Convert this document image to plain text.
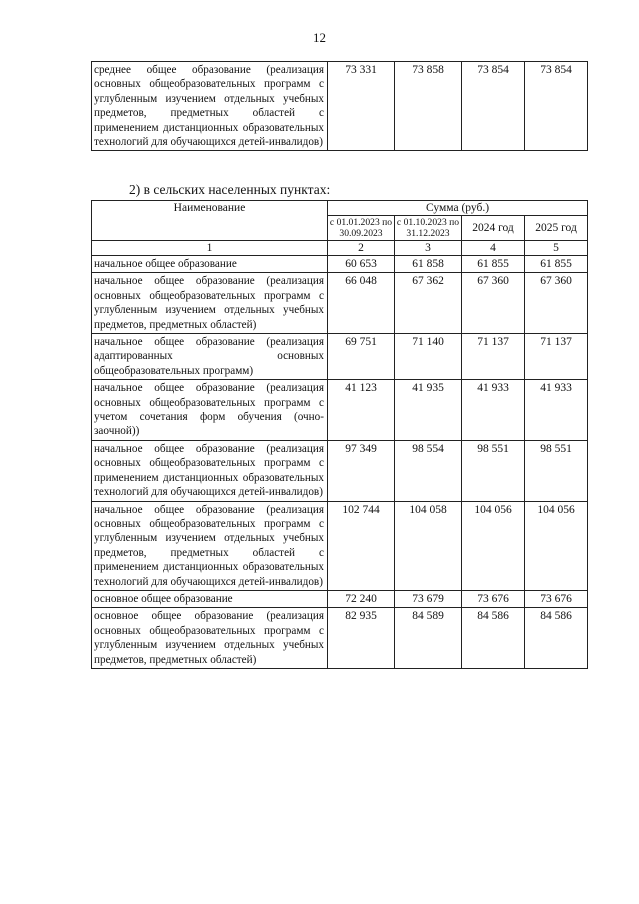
12
среднее общее образование (реализация основных общеобразовательных программ с углубленным изучением отдельных учебных предметов, предметных областей с применением дистанционных образовательных технологий для обучающихся детей-инвалидов)	73 331	73 858	73 854	73 854
2) в сельских населенных пунктах:
Наименование	Сумма (руб.)			
	с 01.01.2023 по 30.09.2023	с 01.10.2023 по 31.12.2023	2024 год	2025 год
1	2	3	4	5
начальное общее образование	60 653	61 858	61 855	61 855
начальное общее образование (реализация основных общеобразовательных программ с углубленным изучением отдельных учебных предметов, предметных областей)	66 048	67 362	67 360	67 360
начальное общее образование (реализация адаптированных основных общеобразовательных программ)	69 751	71 140	71 137	71 137
начальное общее образование (реализация основных общеобразовательных программ с учетом сочетания форм обучения (очно-заочной))	41 123	41 935	41 933	41 933
начальное общее образование (реализация основных общеобразовательных программ с применением дистанционных образовательных технологий для обучающихся детей-инвалидов)	97 349	98 554	98 551	98 551
начальное общее образование (реализация основных общеобразовательных программ с углубленным изучением отдельных учебных предметов, предметных областей с применением дистанционных образовательных технологий для обучающихся детей-инвалидов)	102 744	104 058	104 056	104 056
основное общее образование	72 240	73 679	73 676	73 676
основное общее образование (реализация основных общеобразовательных программ с углубленным изучением отдельных учебных предметов, предметных областей)	82 935	84 589	84 586	84 586
